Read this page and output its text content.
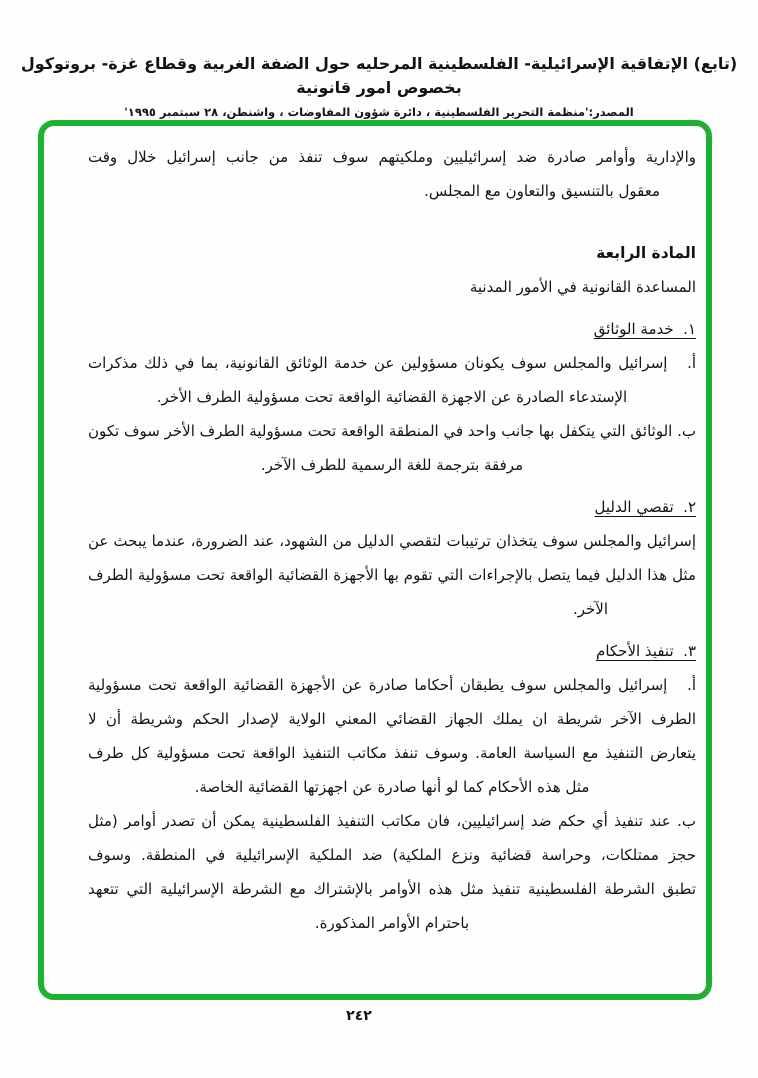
(تابع) الإتفاقية الإسرائيلية- الفلسطينية المرحليه حول الضفة الغربية وقطاع غزة- بروتوكول بخصوص امور قانونية
المصدر:'منظمة التحرير الفلسطينية ، دائرة شؤون المفاوضات ، واشنطن، ٢٨ سبتمبر ١٩٩٥'
والإدارية وأوامر صادرة ضد إسرائيليين وملكيتهم سوف تنفذ من جانب إسرائيل خلال وقت
معقول بالتنسيق والتعاون مع المجلس.
المادة الرابعة
المساعدة القانونية في الأمور المدنية
١.  خدمة الوثائق
أ.   إسرائيل والمجلس سوف يكونان مسؤولين عن خدمة الوثائق القانونية، بما في ذلك مذكرات
الإستدعاء الصادرة عن الاجهزة القضائية الواقعة تحت مسؤولية الطرف الأخر.
ب. الوثائق التي يتكفل بها جانب واحد في المنطقة الواقعة تحت مسؤولية الطرف الأخر سوف تكون
مرفقة بترجمة للغة الرسمية للطرف الآخر.
٢.  تقصي الدليل
إسرائيل والمجلس سوف يتخذان ترتيبات لتقصي الدليل من الشهود، عند الضرورة، عندما يبحث عن
مثل هذا الدليل فيما يتصل بالإجراءات التي تقوم بها الأجهزة القضائية الواقعة تحت مسؤولية الطرف
الآخر.
٣.  تنفيذ الأحكام
أ.   إسرائيل والمجلس سوف يطبقان أحكاما صادرة عن الأجهزة القضائية الواقعة تحت مسؤولية
الطرف الآخر شريطة ان يملك الجهاز القضائي المعني الولاية لإصدار الحكم وشريطة أن لا
يتعارض التنفيذ مع السياسة العامة. وسوف تنفذ مكاتب التنفيذ الواقعة تحت مسؤولية كل طرف
مثل هذه الأحكام كما لو أنها صادرة عن اجهزتها القضائية الخاصة.
ب. عند تنفيذ أي حكم ضد إسرائيليين، فان مكاتب التنفيذ الفلسطينية يمكن أن تصدر أوامر (مثل
حجز ممتلكات، وحراسة قضائية ونزع الملكية) ضد الملكية الإسرائيلية في المنطقة. وسوف
تطبق الشرطة الفلسطينية تنفيذ مثل هذه الأوامر بالإشتراك مع الشرطة الإسرائيلية التي تتعهد
باحترام الأوامر المذكورة.
٢٤٢
